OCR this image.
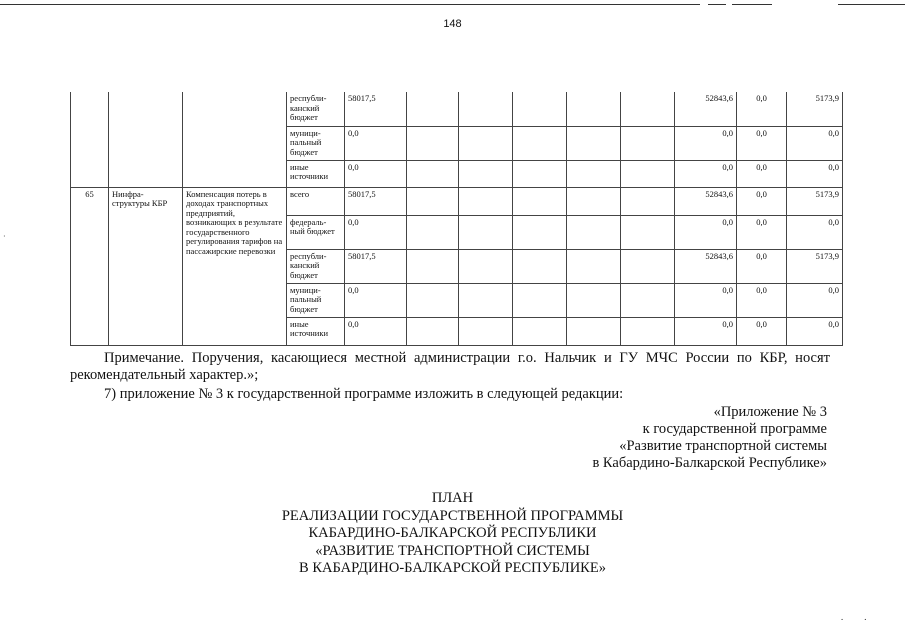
148
·
			республи-канский бюджет	58017,5						52843,6	0,0	5173,9
			муници-пальный бюджет	0,0						0,0	0,0	0,0
			иные источники	0,0						0,0	0,0	0,0
65	Нинфра-структуры КБР	Компенсация потерь в доходах транспортных предприятий, возникающих в результате государственного регулирования тарифов на пассажирские перевозки	всего	58017,5						52843,6	0,0	5173,9
			федераль-ный бюджет	0,0						0,0	0,0	0,0
			республи-канский бюджет	58017,5						52843,6	0,0	5173,9
			муници-пальный бюджет	0,0						0,0	0,0	0,0
			иные источники	0,0						0,0	0,0	0,0
Примечание. Поручения, касающиеся местной администрации г.о. Нальчик и ГУ МЧС России по КБР, носят рекомендательный характер.»;
7) приложение № 3 к государственной программе изложить в следующей редакции:
«Приложение № 3
к государственной программе
«Развитие транспортной системы
в Кабардино-Балкарской Республике»
ПЛАН
РЕАЛИЗАЦИИ ГОСУДАРСТВЕННОЙ ПРОГРАММЫ
КАБАРДИНО-БАЛКАРСКОЙ РЕСПУБЛИКИ
«РАЗВИТИЕ ТРАНСПОРТНОЙ СИСТЕМЫ
В КАБАРДИНО-БАЛКАРСКОЙ РЕСПУБЛИКЕ»
˙˙
